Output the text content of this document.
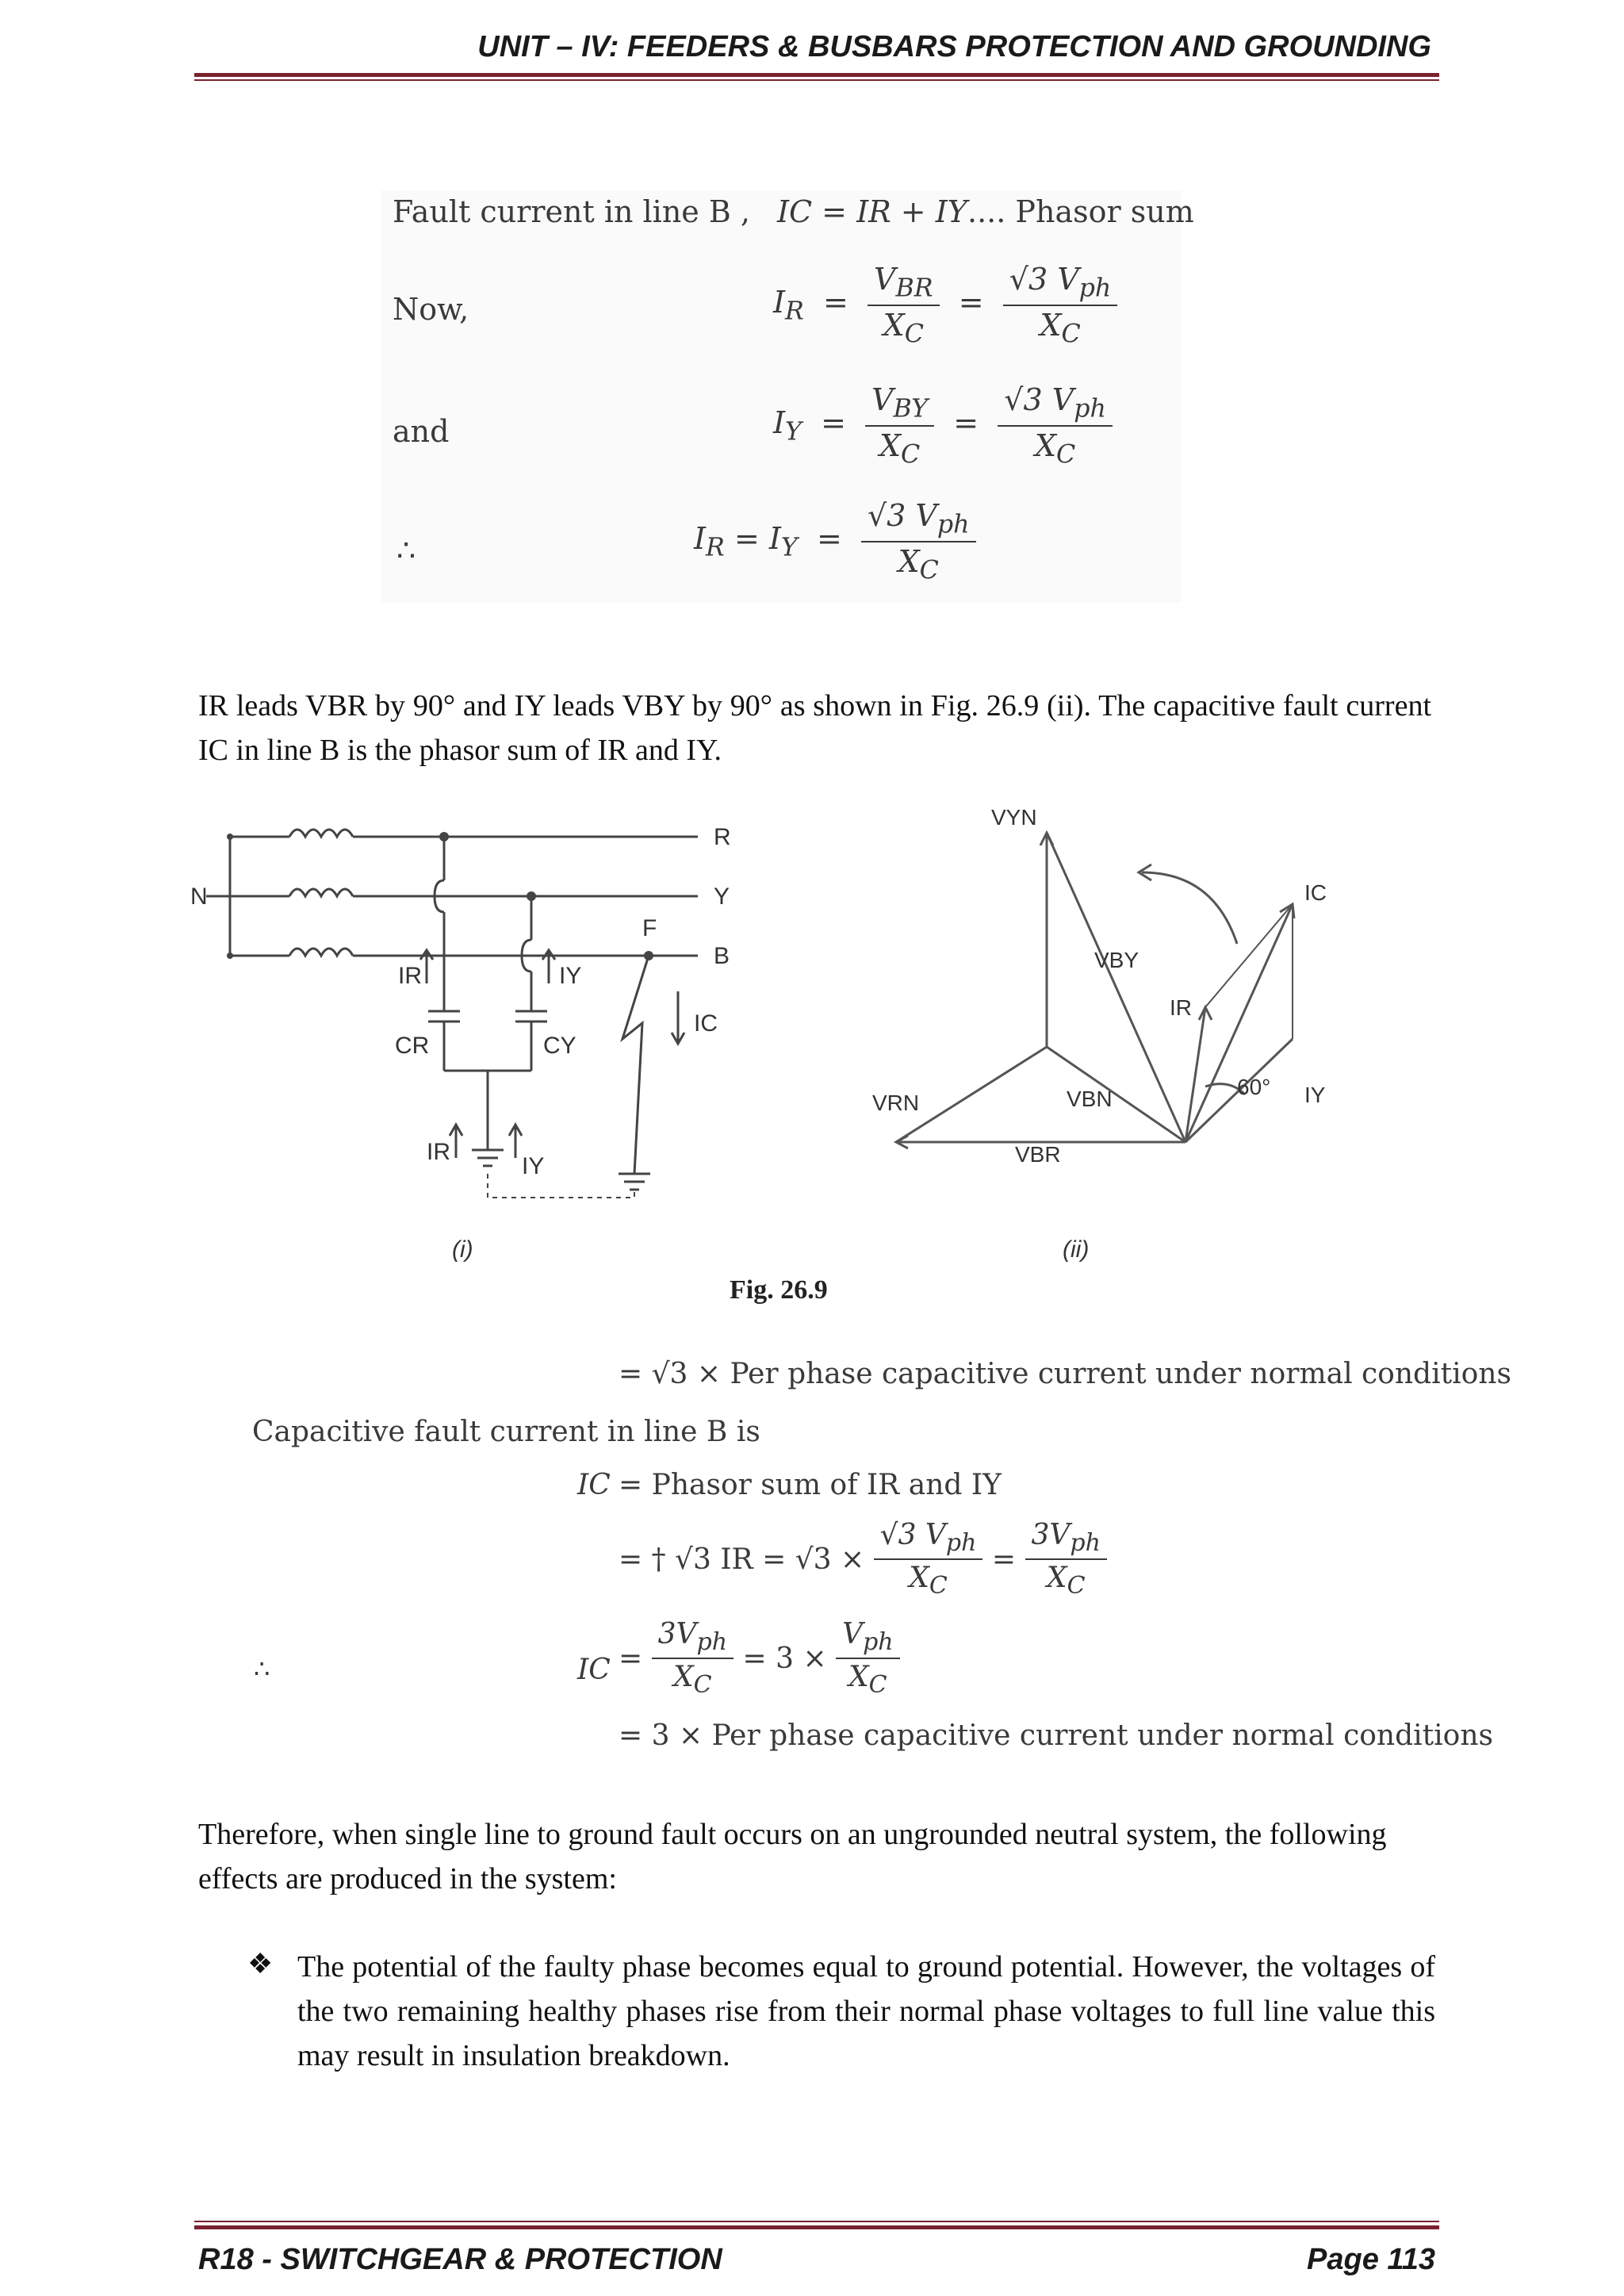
UNIT – IV: FEEDERS & BUSBARS PROTECTION AND GROUNDING
Fault current in line B , IC = IR + IY .... Phasor sum
Now,	$I_R = \frac{V_{BR}}{X_C} = \frac{√3 V_{ph}}{X_C}$
and	$I_Y = \frac{V_{BY}}{X_C} = \frac{√3 V_{ph}}{X_C}$
∴	$I_R = I_Y = \frac{√3 V_{ph}}{X_C}$
IR leads VBR by 90° and IY leads VBY by 90° as shown in Fig. 26.9 (ii). The capacitive fault current IC in line B is the phasor sum of IR and IY.
N
R
Y
B
F
IR	IY
CR	CY
IC
IR
IY
VYN
VBY
IR
IC
VRN	VBN
VBR
60° IY
(i)	(ii)
Fig. 26.9
= √3 × Per phase capacitive current under normal conditions
Capacitive fault current in line B is
IC = Phasor sum of IR and IY
= † √3 IR = √3 ×
$\frac{√3 V_{ph}}{X_C} = \frac{3V_{ph}}{X_C}$
∴	IC = $\frac{3V_{ph}}{X_C} = 3 \times \frac{V_{ph}}{X_C}$
= 3 × Per phase capacitive current under normal conditions
Therefore, when single line to ground fault occurs on an ungrounded neutral system, the following effects are produced in the system:
❖ The potential of the faulty phase becomes equal to ground potential. However, the voltages of the two remaining healthy phases rise from their normal phase voltages to full line value this may result in insulation breakdown.
R18 - SWITCHGEAR & PROTECTION	Page 113
